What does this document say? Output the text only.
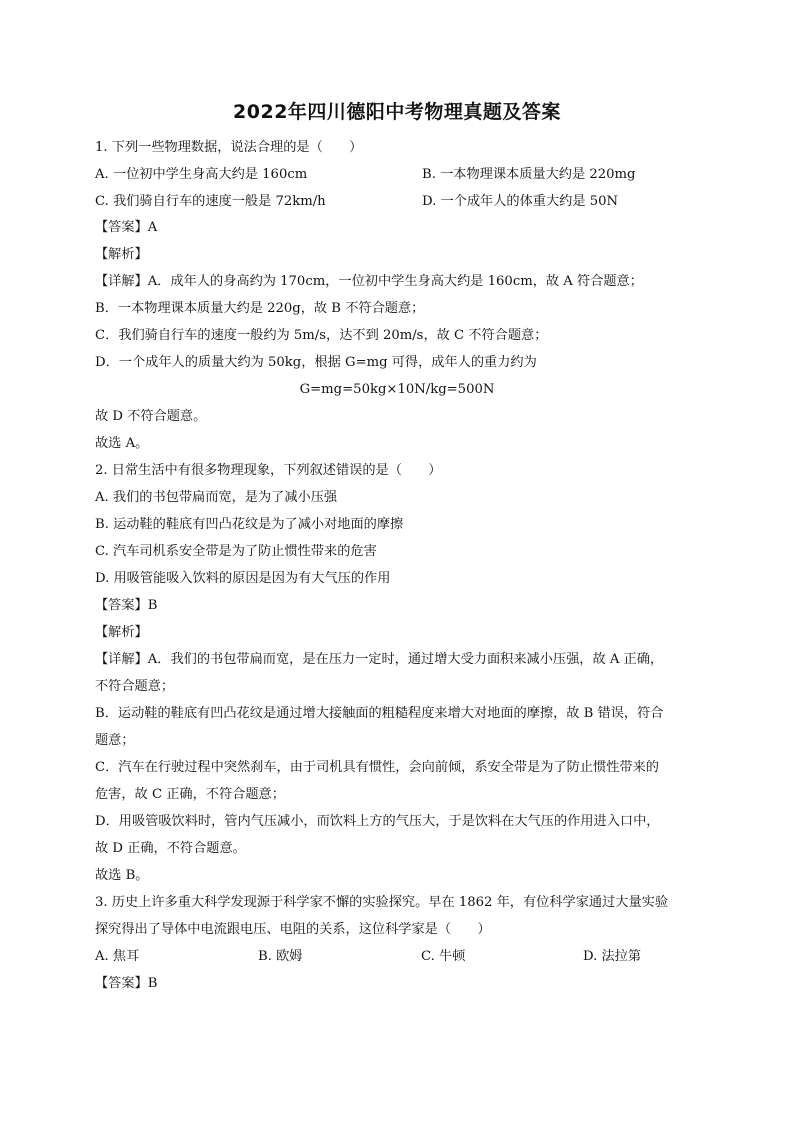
2022年四川德阳中考物理真题及答案
1. 下列一些物理数据，说法合理的是（　　）
A. 一位初中学生身高大约是 160cm	B. 一本物理课本质量大约是 220mg
C. 我们骑自行车的速度一般是 72km/h	D. 一个成年人的体重大约是 50N
【答案】A
【解析】
【详解】A．成年人的身高约为 170cm，一位初中学生身高大约是 160cm，故 A 符合题意；
B．一本物理课本质量大约是 220g，故 B 不符合题意；
C．我们骑自行车的速度一般约为 5m/s，达不到 20m/s，故 C 不符合题意；
D．一个成年人的质量大约为 50kg，根据 G=mg 可得，成年人的重力约为
G=mg=50kg×10N/kg=500N
故 D 不符合题意。
故选 A。
2. 日常生活中有很多物理现象，下列叙述错误的是（　　）
A. 我们的书包带扁而宽，是为了减小压强
B. 运动鞋的鞋底有凹凸花纹是为了减小对地面的摩擦
C. 汽车司机系安全带是为了防止惯性带来的危害
D. 用吸管能吸入饮料的原因是因为有大气压的作用
【答案】B
【解析】
【详解】A．我们的书包带扁而宽，是在压力一定时，通过增大受力面积来减小压强，故 A 正确，
不符合题意；
B．运动鞋的鞋底有凹凸花纹是通过增大接触面的粗糙程度来增大对地面的摩擦，故 B 错误，符合
题意；
C．汽车在行驶过程中突然刹车，由于司机具有惯性，会向前倾，系安全带是为了防止惯性带来的
危害，故 C 正确，不符合题意；
D．用吸管吸饮料时，管内气压减小，而饮料上方的气压大，于是饮料在大气压的作用进入口中，
故 D 正确，不符合题意。
故选 B。
3. 历史上许多重大科学发现源于科学家不懈的实验探究。早在 1862 年，有位科学家通过大量实验
探究得出了导体中电流跟电压、电阻的关系，这位科学家是（　　）
A. 焦耳	B. 欧姆	C. 牛顿	D. 法拉第
【答案】B
